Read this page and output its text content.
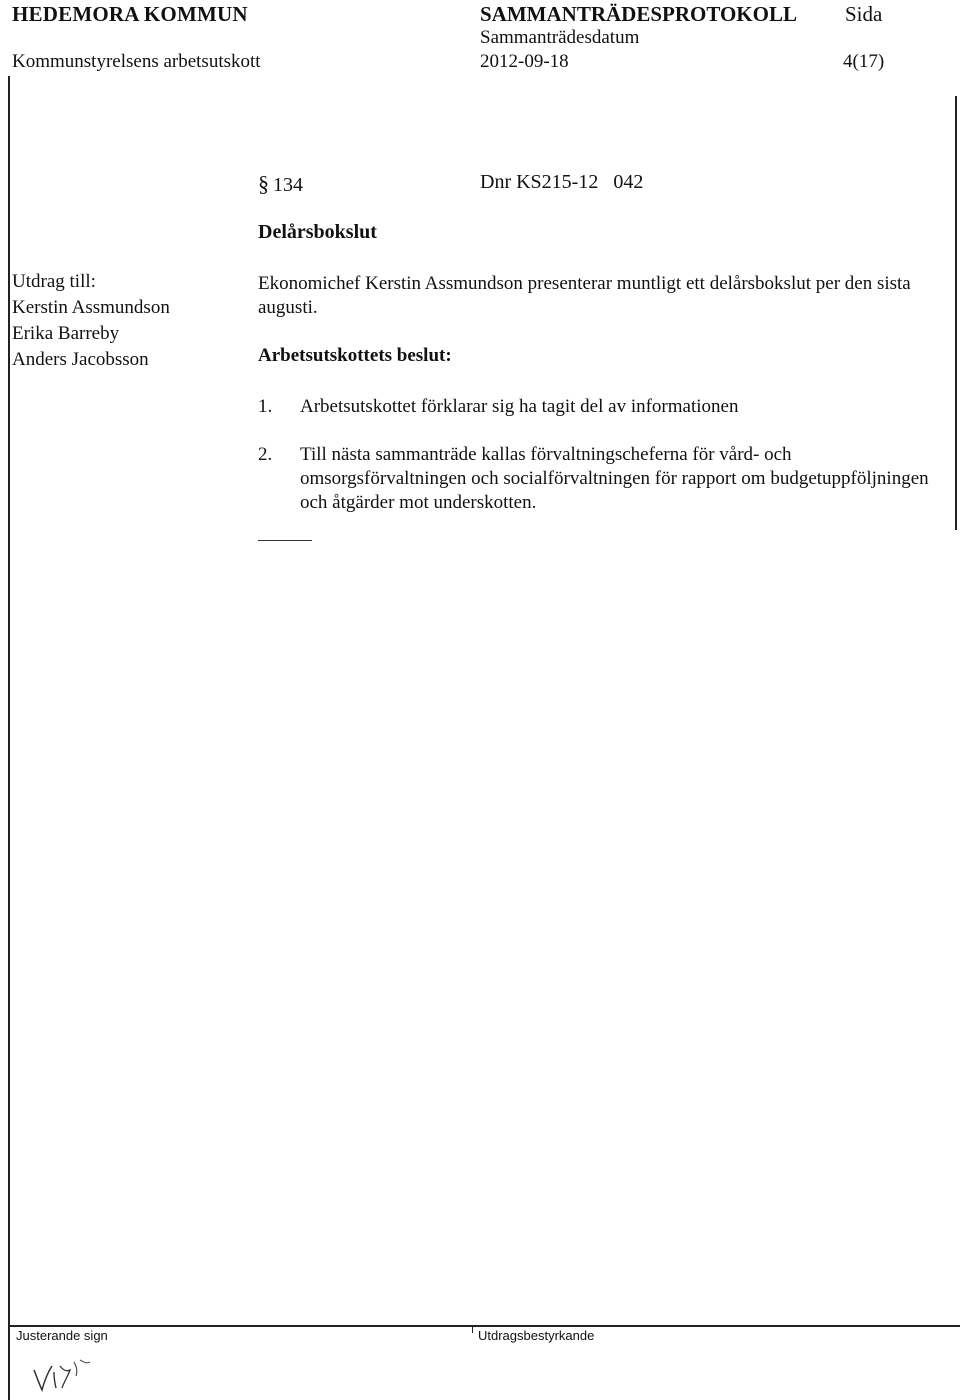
HEDEMORA KOMMUN	SAMMANTRÄDESPROTOKOLL Sida
Sammanträdesdatum
Kommunstyrelsens arbetsutskott	2012-09-18	4(17)
§ 134	Dnr KS215-12   042
Delårsbokslut
Utdrag till:
Kerstin Assmundson
Erika Barreby
Anders Jacobsson
Ekonomichef Kerstin Assmundson presenterar muntligt ett delårsbokslut per den sista augusti.
Arbetsutskottets beslut:
1. Arbetsutskottet förklarar sig ha tagit del av informationen
2. Till nästa sammanträde kallas förvaltningscheferna för vård- och omsorgsförvaltningen och socialförvaltningen för rapport om budgetuppföljningen och åtgärder mot underskotten.
Justerande sign	Utdragsbestyrkande
